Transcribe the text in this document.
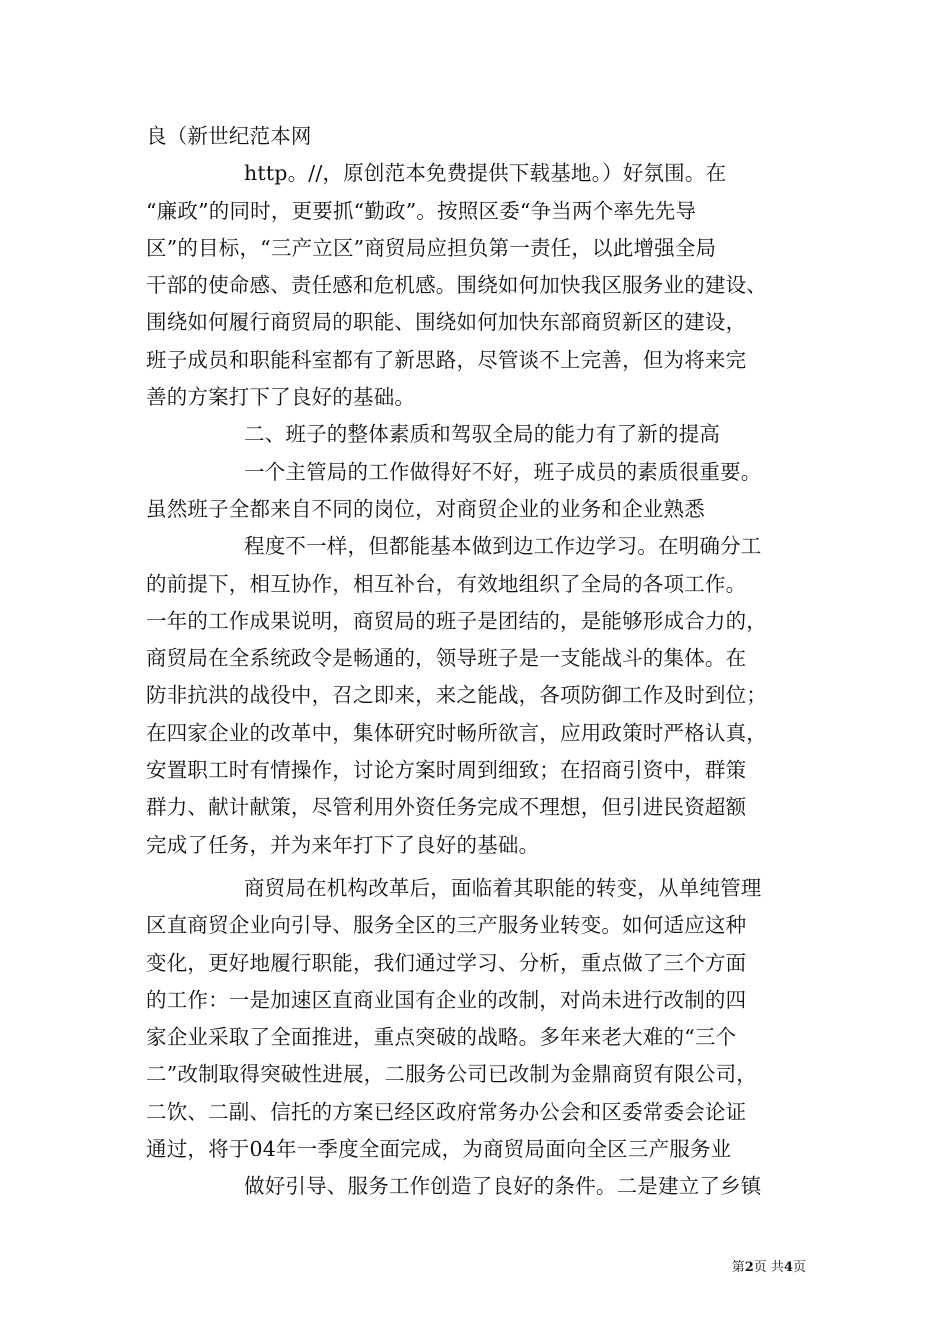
良（新世纪范本网
http。//，原创范本免费提供下载基地。）好氛围。在
“廉政”的同时，更要抓“勤政”。按照区委“争当两个率先先导
区”的目标，“三产立区”商贸局应担负第一责任，以此增强全局
干部的使命感、责任感和危机感。围绕如何加快我区服务业的建设、
围绕如何履行商贸局的职能、围绕如何加快东部商贸新区的建设，
班子成员和职能科室都有了新思路，尽管谈不上完善，但为将来完
善的方案打下了良好的基础。
二、班子的整体素质和驾驭全局的能力有了新的提高
一个主管局的工作做得好不好，班子成员的素质很重要。
虽然班子全都来自不同的岗位，对商贸企业的业务和企业熟悉
程度不一样，但都能基本做到边工作边学习。在明确分工
的前提下，相互协作，相互补台，有效地组织了全局的各项工作。
一年的工作成果说明，商贸局的班子是团结的，是能够形成合力的，
商贸局在全系统政令是畅通的，领导班子是一支能战斗的集体。在
防非抗洪的战役中，召之即来，来之能战，各项防御工作及时到位；
在四家企业的改革中，集体研究时畅所欲言，应用政策时严格认真，
安置职工时有情操作，讨论方案时周到细致；在招商引资中，群策
群力、献计献策，尽管利用外资任务完成不理想，但引进民资超额
完成了任务，并为来年打下了良好的基础。
商贸局在机构改革后，面临着其职能的转变，从单纯管理
区直商贸企业向引导、服务全区的三产服务业转变。如何适应这种
变化，更好地履行职能，我们通过学习、分析，重点做了三个方面
的工作：一是加速区直商业国有企业的改制，对尚未进行改制的四
家企业采取了全面推进，重点突破的战略。多年来老大难的“三个
二”改制取得突破性进展，二服务公司已改制为金鼎商贸有限公司，
二饮、二副、信托的方案已经区政府常务办公会和区委常委会论证
通过，将于04年一季度全面完成，为商贸局面向全区三产服务业
做好引导、服务工作创造了良好的条件。二是建立了乡镇
第2页 共4页
